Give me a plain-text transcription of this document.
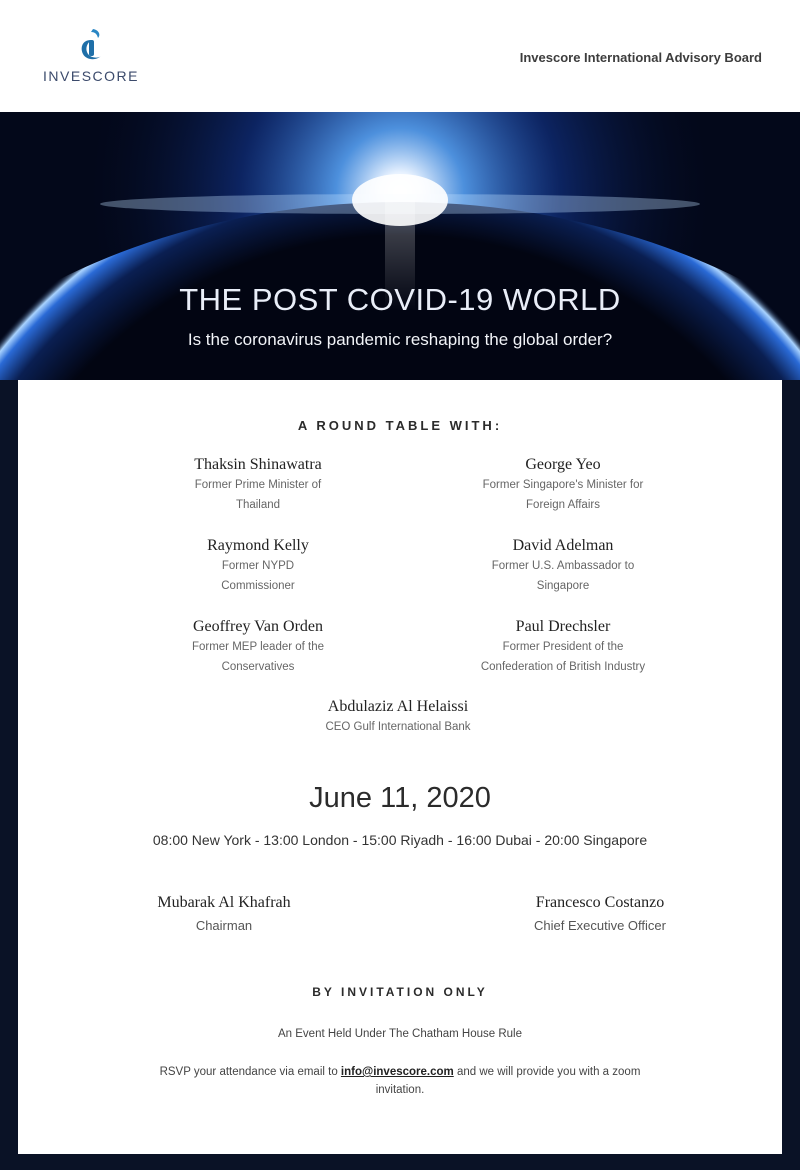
INVESCORE
Invescore International Advisory Board
THE POST COVID-19 WORLD
Is the coronavirus pandemic reshaping the global order?
A ROUND TABLE WITH:
Thaksin Shinawatra
Former Prime Minister of
Thailand
George Yeo
Former Singapore's Minister for
Foreign Affairs
Raymond Kelly
Former NYPD
Commissioner
David Adelman
Former U.S. Ambassador to
Singapore
Geoffrey Van Orden
Former MEP leader of the
Conservatives
Paul Drechsler
Former President of the
Confederation of British Industry
Abdulaziz Al Helaissi
CEO Gulf International Bank
June 11, 2020
08:00 New York - 13:00 London - 15:00 Riyadh - 16:00 Dubai - 20:00 Singapore
Mubarak Al Khafrah
Chairman
Francesco Costanzo
Chief Executive Officer
BY INVITATION ONLY
An Event Held Under The Chatham House Rule
RSVP your attendance via email to info@invescore.com and we will provide you with a zoom invitation.
